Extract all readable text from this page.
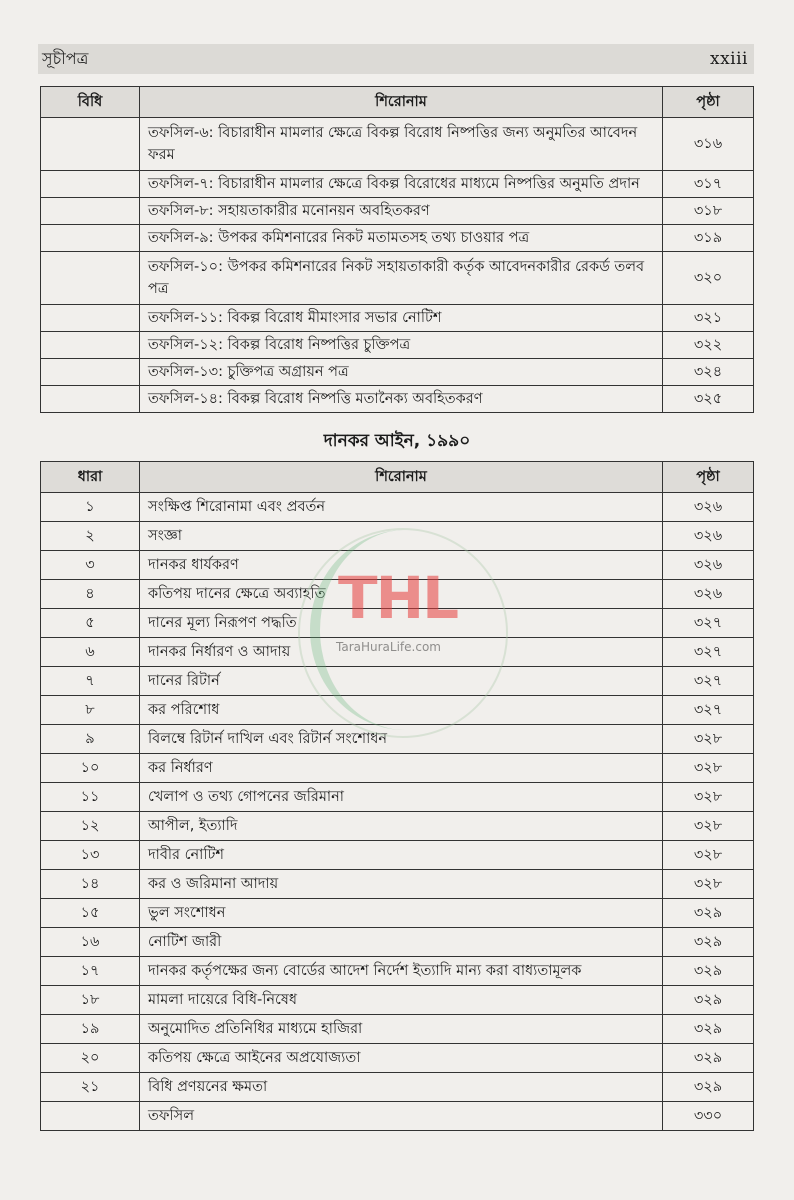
সূচীপত্র	xxiii
বিধি	শিরোনাম	পৃষ্ঠা
	তফসিল-৬: বিচারাধীন মামলার ক্ষেত্রে বিকল্প বিরোধ নিষ্পত্তির জন্য অনুমতির আবেদন ফরম	৩১৬
	তফসিল-৭: বিচারাধীন মামলার ক্ষেত্রে বিকল্প বিরোধের মাধ্যমে নিষ্পত্তির অনুমতি প্রদান	৩১৭
	তফসিল-৮: সহায়তাকারীর মনোনয়ন অবহিতকরণ	৩১৮
	তফসিল-৯: উপকর কমিশনারের নিকট মতামতসহ তথ্য চাওয়ার পত্র	৩১৯
	তফসিল-১০: উপকর কমিশনারের নিকট সহায়তাকারী কর্তৃক আবেদনকারীর রেকর্ড তলব পত্র	৩২০
	তফসিল-১১: বিকল্প বিরোধ মীমাংসার সভার নোটিশ	৩২১
	তফসিল-১২: বিকল্প বিরোধ নিষ্পত্তির চুক্তিপত্র	৩২২
	তফসিল-১৩: চুক্তিপত্র অগ্রায়ন পত্র	৩২৪
	তফসিল-১৪: বিকল্প বিরোধ নিষ্পত্তি মতানৈক্য অবহিতকরণ	৩২৫
দানকর আইন, ১৯৯০
ধারা	শিরোনাম	পৃষ্ঠা
১	সংক্ষিপ্ত শিরোনামা এবং প্রবর্তন	৩২৬
২	সংজ্ঞা	৩২৬
৩	দানকর ধার্যকরণ	৩২৬
৪	কতিপয় দানের ক্ষেত্রে অব্যাহতি	৩২৬
৫	দানের মূল্য নিরূপণ পদ্ধতি	৩২৭
৬	দানকর নির্ধারণ ও আদায়	৩২৭
৭	দানের রিটার্ন	৩২৭
৮	কর পরিশোধ	৩২৭
৯	বিলম্বে রিটার্ন দাখিল এবং রিটার্ন সংশোধন	৩২৮
১০	কর নির্ধারণ	৩২৮
১১	খেলাপ ও তথ্য গোপনের জরিমানা	৩২৮
১২	আপীল, ইত্যাদি	৩২৮
১৩	দাবীর নোটিশ	৩২৮
১৪	কর ও জরিমানা আদায়	৩২৮
১৫	ভুল সংশোধন	৩২৯
১৬	নোটিশ জারী	৩২৯
১৭	দানকর কর্তৃপক্ষের জন্য বোর্ডের আদেশ নির্দেশ ইত্যাদি মান্য করা বাধ্যতামূলক	৩২৯
১৮	মামলা দায়েরে বিধি-নিষেধ	৩২৯
১৯	অনুমোদিত প্রতিনিধির মাধ্যমে হাজিরা	৩২৯
২০	কতিপয় ক্ষেত্রে আইনের অপ্রযোজ্যতা	৩২৯
২১	বিধি প্রণয়নের ক্ষমতা	৩২৯
	তফসিল	৩৩০
THL
TaraHuraLife.com
